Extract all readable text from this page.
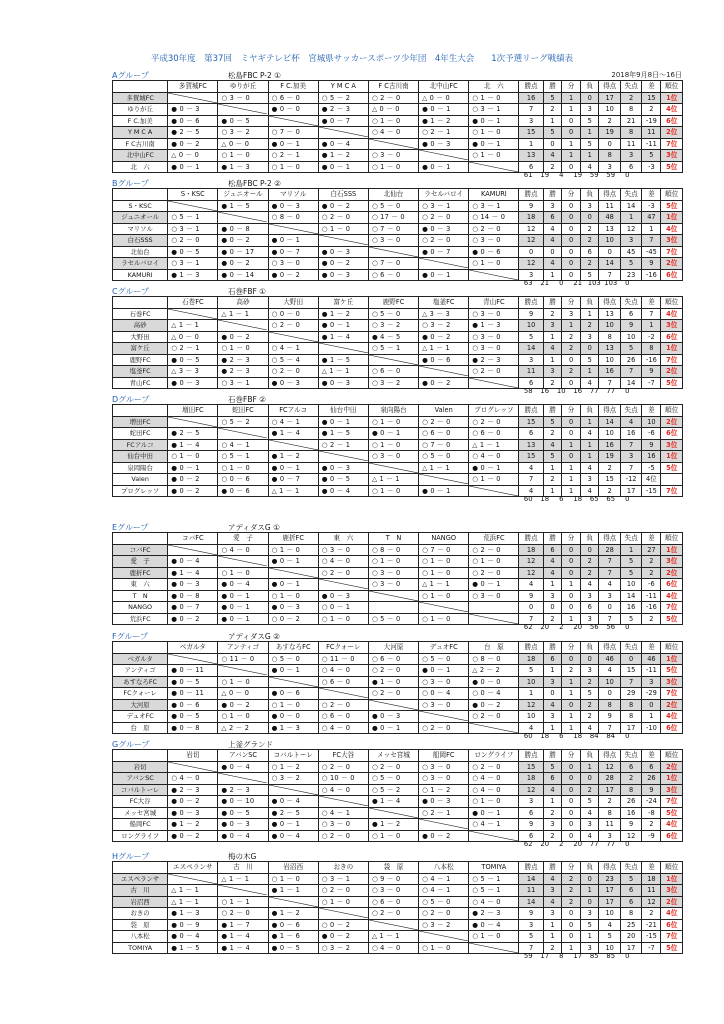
平成30年度　第37回　ミヤギテレビ杯　宮城県サッカースポーツ少年団　4年生大会　　1次予選リーグ戦績表
Aグループ	松島FBC P-2 ①	2018年9月8日～16日
	多賀城FC	ゆりが丘	F C.加美	Y M C A	F C古川南	北中山FC	北　六	勝点	勝	分	負	得点	失点	差	順位
多賀城FC		○ 3 － 0	○ 6 － 0	○ 5 － 2	○ 2 － 0	△ 0 － 0	○ 1 － 0	16	5	1	0	17	2	15	1位
ゆりが丘	● 0 － 3		● 0 － 0	● 2 － 3	△ 0 － 0	● 0 － 1	○ 3 － 1	7	2	1	3	10	8	2	4位
F C.加美	● 0 － 6	● 0 － 5		● 0 － 7	○ 1 － 0	● 1 － 2	● 0 － 1	3	1	0	5	2	21	-19	6位
Y M C A	● 2 － 5	○ 3 － 2	○ 7 － 0		○ 4 － 0	○ 2 － 1	○ 1 － 0	15	5	0	1	19	8	11	2位
F C古川南	● 0 － 2	△ 0 － 0	● 0 － 1	● 0 － 4		● 0 － 3	● 0 － 1	1	0	1	5	0	11	-11	7位
北中山FC	△ 0 － 0	○ 1 － 0	○ 2 － 1	● 1 － 2	○ 3 － 0		○ 1 － 0	13	4	1	1	8	3	5	3位
北　六	● 0 － 1	● 1 － 3	○ 1 － 0	● 0 － 1	○ 1 － 0	● 0 － 1		6	2	0	4	3	6	-3	5位
61 19 4 19 59 59 0
Bグループ	松島FBC P-2 ②
	S・KSC	ジュニオール	マリソル	白石SSS	北仙台	ラセルバロイ	KAMURI	勝点	勝	分	負	得点	失点	差	順位
S・KSC		● 1 － 5	● 0 － 3	● 0 － 2	○ 5 － 0	○ 3 － 1	○ 3 － 1	9	3	0	3	11	14	-3	5位
ジュニオール	○ 5 － 1		○ 8 － 0	○ 2 － 0	○ 17 － 0	○ 2 － 0	○ 14 － 0	18	6	0	0	48	1	47	1位
マリソル	○ 3 － 1	● 0 － 8		○ 1 － 0	○ 7 － 0	● 0 － 3	○ 2 － 0	12	4	0	2	13	12	1	4位
白石SSS	○ 2 － 0	● 0 － 2	● 0 － 1		○ 3 － 0	○ 2 － 0	○ 3 － 0	12	4	0	2	10	3	7	3位
北仙台	● 0 － 5	● 0 － 17	● 0 － 7	● 0 － 3		● 0 － 7	● 0 － 6	0	0	0	6	0	45	-45	7位
ラセルバロイ	○ 3 － 1	● 0 － 2	○ 3 － 0	● 0 － 2	○ 7 － 0		○ 1 － 0	12	4	0	2	14	5	9	2位
KAMURI	● 1 － 3	● 0 － 14	● 0 － 2	● 0 － 3	○ 6 － 0	● 0 － 1		3	1	0	5	7	23	-16	6位
63 21 0 21 103 103 0
Cグループ	石巻FBF ①
	石巻FC	高砂	大野田	富ケ丘	鹿野FC	塩釜FC	青山FC	勝点	勝	分	負	得点	失点	差	順位
石巻FC		△ 1 － 1	○ 0 － 0	● 1 － 2	○ 5 － 0	△ 3 － 3	○ 3 － 0	9	2	3	1	13	6	7	4位
高砂	△ 1 － 1		○ 2 － 0	● 0 － 1	○ 3 － 2	○ 3 － 2	● 1 － 3	10	3	1	2	10	9	1	3位
大野田	△ 0 － 0	● 0 － 2		● 1 － 4	● 4 － 5	● 0 － 2	○ 3 － 0	5	1	2	3	8	10	-2	6位
富ケ丘	○ 2 － 1	○ 1 － 0	○ 4 － 1		○ 5 － 1	△ 1 － 1	○ 3 － 0	14	4	2	0	13	5	8	1位
鹿野FC	● 0 － 5	● 2 － 3	○ 5 － 4	● 1 － 5		● 0 － 6	● 2 － 3	3	1	0	5	10	26	-16	7位
塩釜FC	△ 3 － 3	● 2 － 3	○ 2 － 0	△ 1 － 1	○ 6 － 0		○ 2 － 0	11	3	2	1	16	7	9	2位
青山FC	● 0 － 3	○ 3 － 1	● 0 － 3	● 0 － 3	○ 3 － 2	● 0 － 2		6	2	0	4	7	14	-7	5位
58 16 10 16 77 77 0
Dグループ	石巻FBF ②
	増田FC	蛇田FC	FCアルコ	仙台中田	泉向陽台	Valen	プログレッソ	勝点	勝	分	負	得点	失点	差	順位
増田FC		○ 5 － 2	○ 4 － 1	● 0 － 1	○ 1 － 0	○ 2 － 0	○ 2 － 0	15	5	0	1	14	4	10	2位
蛇田FC	● 2 － 5		● 1 － 4	● 1 － 5	● 0 － 1	○ 6 － 0	○ 6 － 0	6	2	0	4	10	16	-6	6位
FCアルコ	● 1 － 4	○ 4 － 1		○ 2 － 1	○ 1 － 0	○ 7 － 0	△ 1 － 1	13	4	1	1	16	7	9	3位
仙台中田	○ 1 － 0	○ 5 － 1	● 1 － 2		○ 3 － 0	○ 5 － 0	○ 4 － 0	15	5	0	1	19	3	16	1位
泉岡陽台	● 0 － 1	○ 1 － 0	● 0 － 1	● 0 － 3		△ 1 － 1	● 0 － 1	4	1	1	4	2	7	-5	5位
Valen	● 0 － 2	○ 0 － 6	● 0 － 7	● 0 － 5	△ 1 － 1		○ 1 － 0	7	2	1	3	15	-12	4位	
プログレッソ	● 0 － 2	● 0 － 6	△ 1 － 1	● 0 － 4	○ 1 － 0	● 0 － 1		4	1	1	4	2	17	-15	7位
60 18 6 18 65 65 0
Eグループ	アディダスG ①
	コバFC	愛　子	鹿折FC	東　六	T　N	NANGO	荒浜FC	勝点	勝	分	負	得点	失点	差	順位
コバFC		○ 4 － 0	○ 1 － 0	○ 3 － 0	○ 8 － 0	○ 7 － 0	○ 2 － 0	18	6	0	0	28	1	27	1位
愛　子	● 0 － 4		● 0 － 1	○ 4 － 0	○ 1 － 0	○ 1 － 0	○ 1 － 0	12	4	0	2	7	5	2	3位
鹿折FC	● 1 － 4	○ 1 － 0		○ 2 － 0	○ 3 － 0	○ 1 － 0	○ 2 － 0	12	4	0	2	7	5	2	2位
東　六	● 0 － 3	● 0 － 4	● 0 － 1		○ 3 － 0	△ 1 － 1	● 0 － 1	4	1	1	4	4	10	-6	6位
T　N	● 0 － 8	● 0 － 1	○ 1 － 0	● 0 － 3		○ 1 － 0	○ 3 － 0	9	3	0	3	3	14	-11	4位
NANGO	● 0 － 7	● 0 － 1	● 0 － 3	○ 0 － 1				0	0	0	6	0	16	-16	7位
荒浜FC	● 0 － 2	● 0 － 1	○ 0 － 2	○ 1 － 0	○ 5 － 0	○ 1 － 0		7	2	1	3	7	5	2	5位
62 20 2 20 56 56 0
Fグループ	アディダスG ②
	ベガルタ	アンティゴ	あすなろFC	FCクォーレ	大河原	デュオFC	台　原	勝点	勝	分	負	得点	失点	差	順位
ベガルタ		○ 11 － 0	○ 5 － 0	○ 11 － 0	○ 6 － 0	○ 5 － 0	○ 8 － 0	18	6	0	0	46	0	46	1位
アンティゴ	● 0 － 11		● 0 － 1	○ 4 － 0	○ 2 － 0	● 0 － 1	△ 2 － 2	5	1	2	3	4	15	-11	5位
あすなろFC	● 0 － 5	○ 1 － 0		○ 6 － 0	● 1 － 0	○ 3 － 0	● 0 － 0	10	3	1	2	10	7	3	3位
FCクォーレ	● 0 － 11	△ 0 － 0	● 0 － 6		○ 2 － 0	○ 0 － 4	○ 0 － 4	1	0	1	5	0	29	-29	7位
大河原	● 0 － 6	● 0 － 2	○ 1 － 0	○ 2 － 0		○ 3 － 0	● 0 － 2	12	4	0	2	8	8	0	2位
デュオFC	● 0 － 5	○ 1 － 0	● 0 － 0	○ 6 － 0	● 0 － 3		○ 2 － 0	10	3	1	2	9	8	1	4位
台　原	● 0 － 8	△ 2 － 2	● 1 － 3	○ 4 － 0	● 0 － 1	○ 2 － 0		4	1	1	4	7	17	-10	6位
60 18 6 18 84 84 0
Gグループ	上釜グランド
	岩切	アバンSC	コバルトーレ	FC大谷	メッセ宮城	船岡FC	ロングライフ	勝点	勝	分	負	得点	失点	差	順位
岩切		● 0 － 4	○ 1 － 2	○ 2 － 0	○ 2 － 0	○ 3 － 0	○ 2 － 0	15	5	0	1	12	6	6	2位
アバンSC	○ 4 － 0		○ 3 － 2	○ 10 － 0	○ 5 － 0	○ 3 － 0	○ 4 － 0	18	6	0	0	28	2	26	1位
コバルトーレ	● 2 － 3	● 2 － 3		○ 4 － 0	○ 5 － 2	○ 1 － 2	○ 4 － 0	12	4	0	2	17	8	9	3位
FC大谷	● 0 － 2	● 0 － 10	● 0 － 4		● 1 － 4	● 0 － 3	○ 1 － 0	3	1	0	5	2	26	-24	7位
メッセ宮城	● 0 － 3	● 0 － 5	● 2 － 5	○ 4 － 1		○ 2 － 1	● 0 － 1	6	2	0	4	8	16	-8	5位
船岡FC	● 1 － 2	● 0 － 3	● 0 － 1	○ 3 － 0	● 1 － 2		○ 4 － 1	9	3	0	3	11	9	2	4位
ロングライフ	● 0 － 2	● 0 － 4	● 0 － 4	○ 2 － 0	○ 1 － 0	● 0 － 2		6	2	0	4	3	12	-9	6位
62 20 2 20 77 77 0
Hグループ	梅の木G
	エスペランサ	古　川	岩沼西	おきの	袋　原	八本松	TOMIYA	勝点	勝	分	負	得点	失点	差	順位
エスペランサ		△ 1 － 1	○ 1 － 0	○ 3 － 1	○ 9 － 0	○ 4 － 1	○ 5 － 1	14	4	2	0	23	5	18	1位
古　川	△ 1 － 1		● 1 － 1	○ 2 － 0	○ 3 － 0	○ 4 － 1	○ 5 － 1	11	3	2	1	17	6	11	3位
岩沼西	△ 1 － 1	○ 1 － 1		○ 1 － 0	○ 6 － 0	○ 5 － 0	○ 4 － 0	14	4	2	0	17	6	12	2位
おきの	● 1 － 3	○ 2 － 0	● 1 － 2		○ 2 － 0	○ 2 － 0	● 2 － 3	9	3	0	3	10	8	2	4位
袋　原	● 0 － 9	● 1 － 7	● 0 － 6	○ 0 － 2		○ 3 － 2	● 0 － 4	3	1	0	5	4	25	-21	6位
八本松	● 0 － 4	● 1 － 4	● 1 － 6	● 0 － 2	△ 1 － 1		○ 1 － 0	5	1	0	1	5	20	-15	7位
TOMIYA	● 1 － 5	● 1 － 4	● 0 － 5	○ 3 － 2	○ 4 － 0	○ 1 － 0		7	2	1	3	10	17	-7	5位
59 17 8 17 85 85 0
